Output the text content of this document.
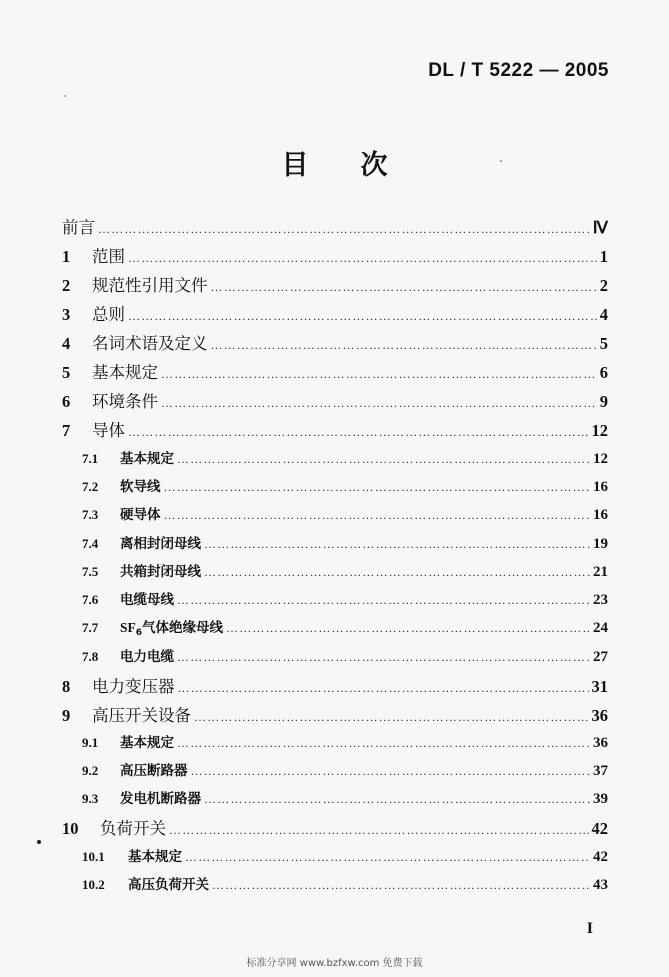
DL / T 5222 — 2005
目 次
前言 ………………………………………………………………………………………………………………………………………………………	Ⅳ
1	范围 ………………………………………………………………………………………………………………………………………………………	1
2	规范性引用文件 ………………………………………………………………………………………………………………………………………………………	2
3	总则 ………………………………………………………………………………………………………………………………………………………	4
4	名词术语及定义 ………………………………………………………………………………………………………………………………………………………	5
5	基本规定 ………………………………………………………………………………………………………………………………………………………	6
6	环境条件 ………………………………………………………………………………………………………………………………………………………	9
7	导体 ………………………………………………………………………………………………………………………………………………………	12
7.1	基本规定 ………………………………………………………………………………………………………………………………………………………	12
7.2	软导线 ………………………………………………………………………………………………………………………………………………………	16
7.3	硬导体 ………………………………………………………………………………………………………………………………………………………	16
7.4	离相封闭母线 ………………………………………………………………………………………………………………………………………………………	19
7.5	共箱封闭母线 ………………………………………………………………………………………………………………………………………………………	21
7.6	电缆母线 ………………………………………………………………………………………………………………………………………………………	23
7.7	$SF_6$气体绝缘母线 ………………………………………………………………………………………………………………………………………………………	24
7.8	电力电缆 ………………………………………………………………………………………………………………………………………………………	27
8	电力变压器 ………………………………………………………………………………………………………………………………………………………	31
9	高压开关设备 ………………………………………………………………………………………………………………………………………………………	36
9.1	基本规定 ………………………………………………………………………………………………………………………………………………………	36
9.2	高压断路器 ………………………………………………………………………………………………………………………………………………………	37
9.3	发电机断路器 ………………………………………………………………………………………………………………………………………………………	39
10	负荷开关 ………………………………………………………………………………………………………………………………………………………	42
10.1	基本规定 ………………………………………………………………………………………………………………………………………………………	42
10.2	高压负荷开关 ………………………………………………………………………………………………………………………………………………………	43
I
标准分享网 www.bzfxw.com 免费下载
